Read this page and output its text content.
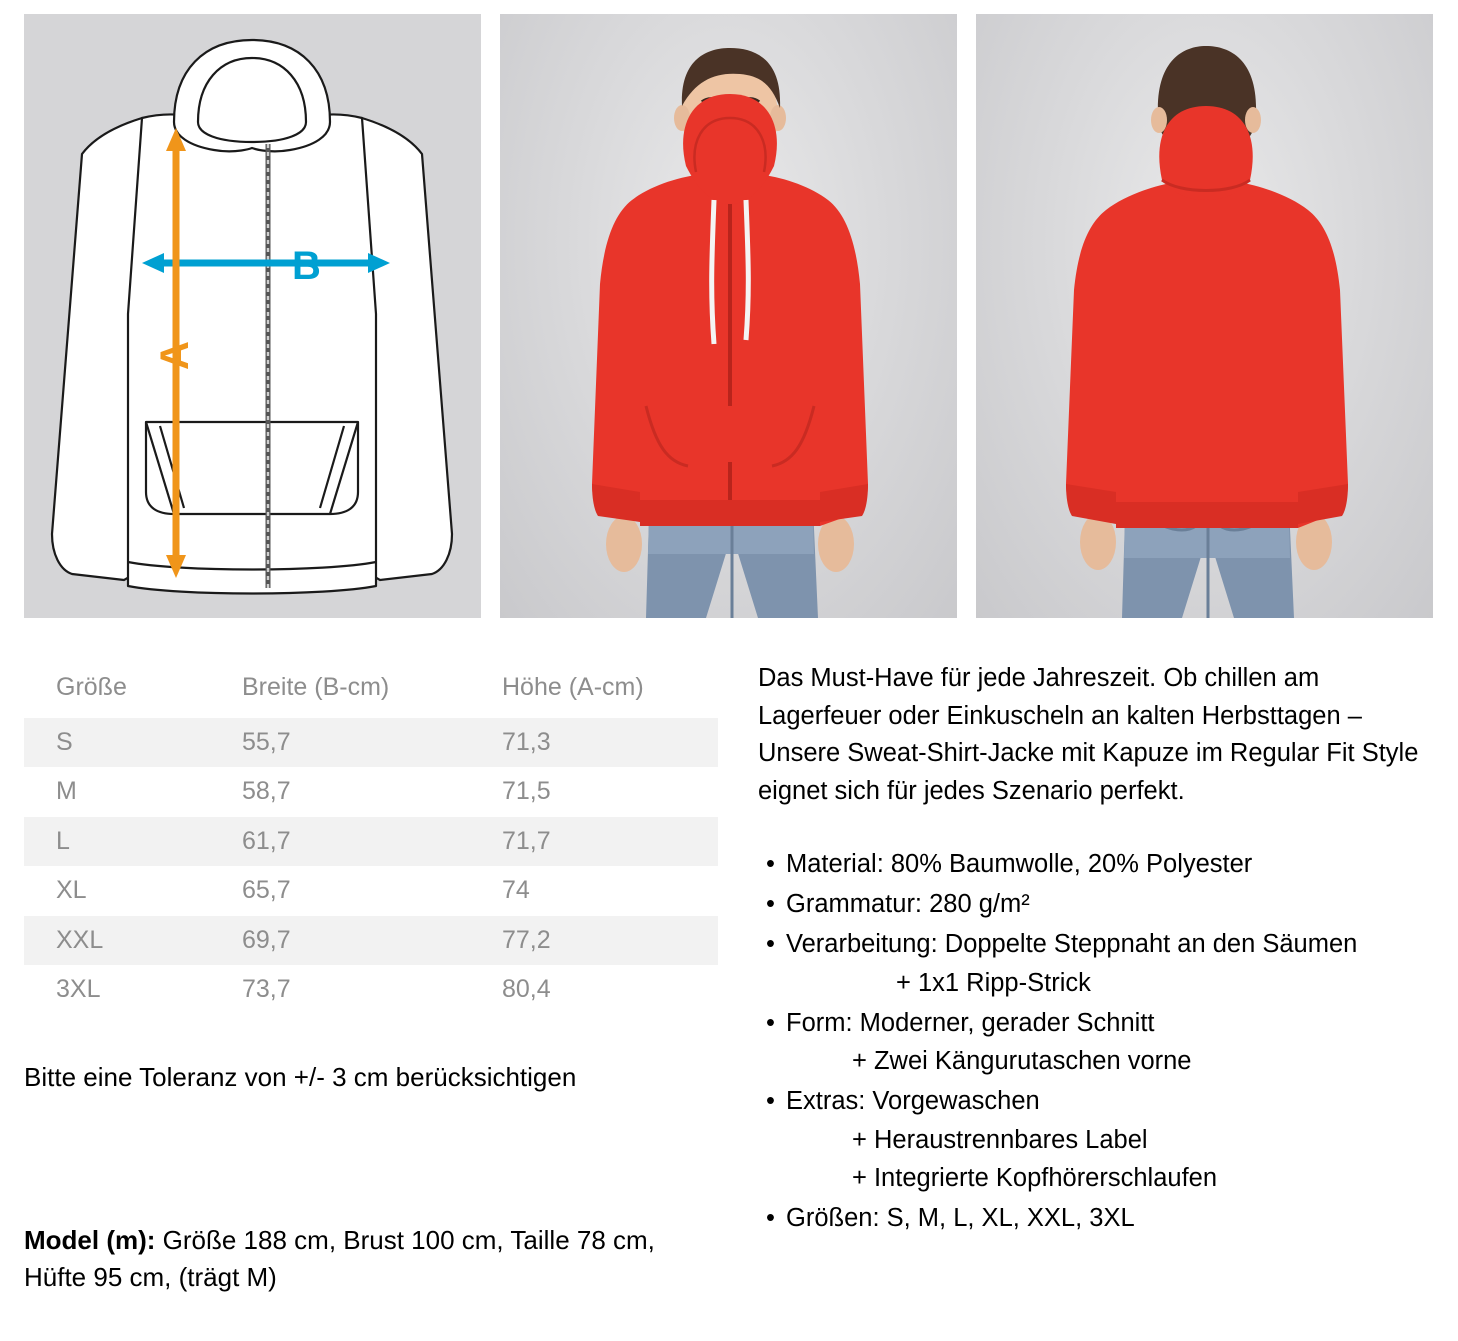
B
A
Größe	Breite (B-cm)	Höhe (A-cm)
S	55,7	71,3
M	58,7	71,5
L	61,7	71,7
XL	65,7	74
XXL	69,7	77,2
3XL	73,7	80,4
Bitte eine Toleranz von +/- 3 cm berücksichtigen
Model (m): Größe 188 cm, Brust 100 cm, Taille 78 cm,
Hüfte 95 cm, (trägt M)

Das Must-Have für jede Jahreszeit. Ob chillen am Lagerfeuer oder Einkuscheln an kalten Herbsttagen – Unsere Sweat-Shirt-Jacke mit Kapuze im Regular Fit Style eignet sich für jedes Szenario perfekt.

• Material: 80% Baumwolle, 20% Polyester
• Grammatur: 280 g/m²
• Verarbeitung: Doppelte Steppnaht an den Säumen
+ 1x1 Ripp-Strick
• Form: Moderner, gerader Schnitt
+ Zwei Kängurutaschen vorne
• Extras: Vorgewaschen
+ Heraustrennbares Label
+ Integrierte Kopfhörerschlaufen
• Größen: S, M, L, XL, XXL, 3XL
